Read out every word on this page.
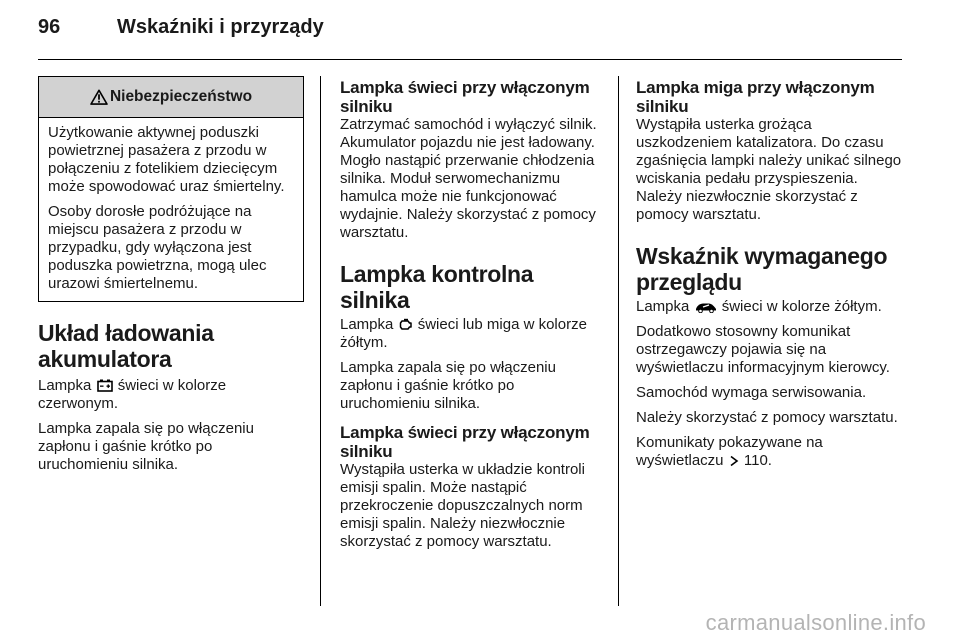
96	Wskaźniki i przyrządy
Niebezpieczeństwo

Użytkowanie aktywnej poduszki powietrznej pasażera z przodu w połączeniu z fotelikiem dziecięcym może spowodować uraz śmiertelny.

Osoby dorosłe podróżujące na miejscu pasażera z przodu w przypadku, gdy wyłączona jest poduszka powietrzna, mogą ulec urazowi śmiertelnemu.

Układ ładowania akumulatora

Lampka świeci w kolorze czerwonym.

Lampka zapala się po włączeniu zapłonu i gaśnie krótko po uruchomieniu silnika.

Lampka świeci przy włączonym silniku

Zatrzymać samochód i wyłączyć silnik. Akumulator pojazdu nie jest ładowany. Mogło nastąpić przerwanie chłodzenia silnika. Moduł serwomechanizmu hamulca może nie funkcjonować wydajnie. Należy skorzystać z pomocy warsztatu.

Lampka kontrolna silnika

Lampka świeci lub miga w kolorze żółtym.

Lampka zapala się po włączeniu zapłonu i gaśnie krótko po uruchomieniu silnika.

Lampka świeci przy włączonym silniku

Wystąpiła usterka w układzie kontroli emisji spalin. Może nastąpić przekroczenie dopuszczalnych norm emisji spalin. Należy niezwłocznie skorzystać z pomocy warsztatu.

Lampka miga przy włączonym silniku

Wystąpiła usterka grożąca uszkodzeniem katalizatora. Do czasu zgaśnięcia lampki należy unikać silnego wciskania pedału przyspieszenia. Należy niezwłocznie skorzystać z pomocy warsztatu.

Wskaźnik wymaganego przeglądu

Lampka świeci w kolorze żółtym.

Dodatkowo stosowny komunikat ostrzegawczy pojawia się na wyświetlaczu informacyjnym kierowcy.

Samochód wymaga serwisowania.

Należy skorzystać z pomocy warsztatu.

Komunikaty pokazywane na wyświetlaczu 110.

carmanualsonline.info
